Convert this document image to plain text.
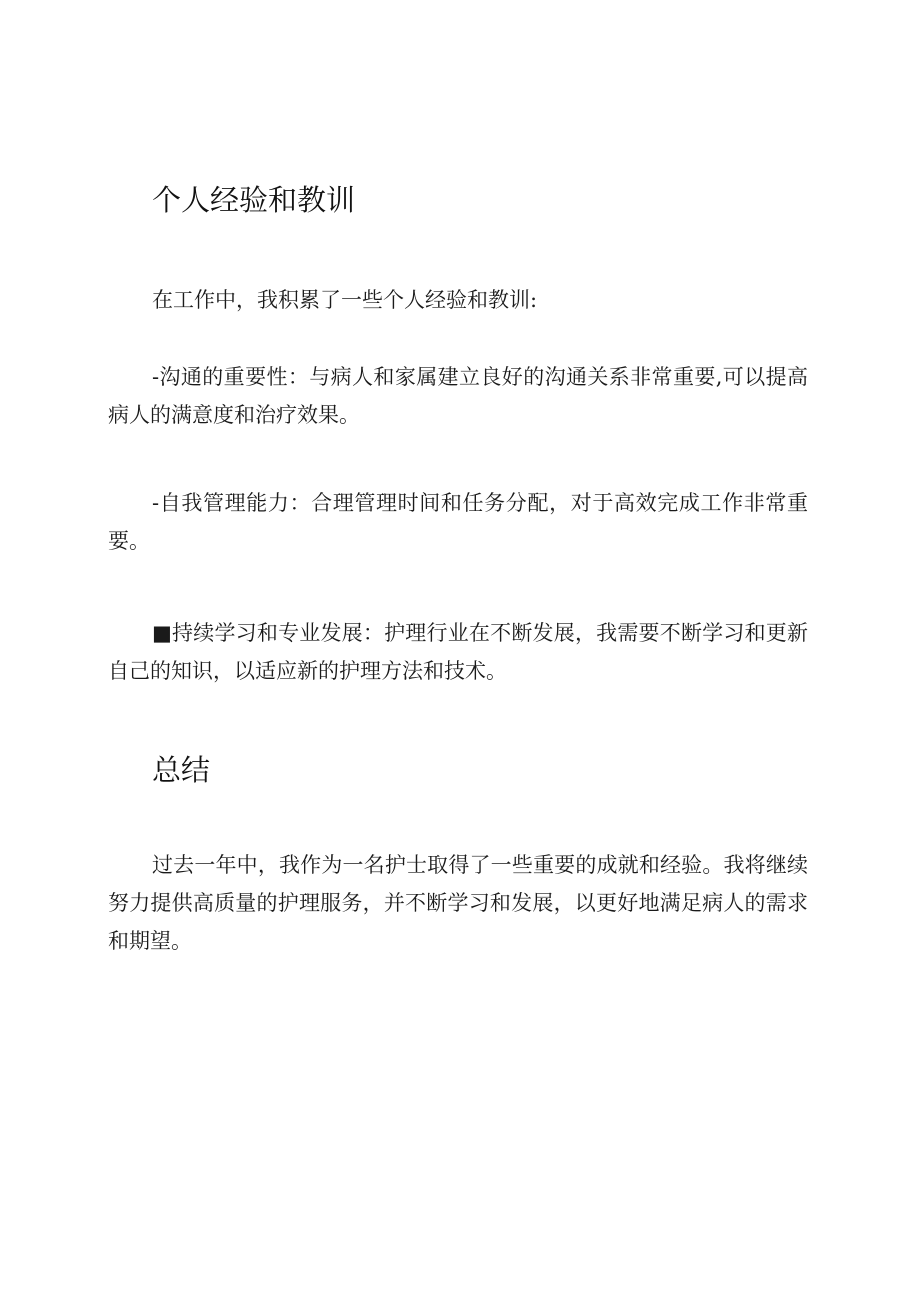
个人经验和教训

在工作中，我积累了一些个人经验和教训:

-沟通的重要性：与病人和家属建立良好的沟通关系非常重要,可以提高病人的满意度和治疗效果。

-自我管理能力：合理管理时间和任务分配，对于高效完成工作非常重要。

■持续学习和专业发展：护理行业在不断发展，我需要不断学习和更新自己的知识，以适应新的护理方法和技术。

总结

过去一年中，我作为一名护士取得了一些重要的成就和经验。我将继续努力提供高质量的护理服务，并不断学习和发展，以更好地满足病人的需求和期望。
